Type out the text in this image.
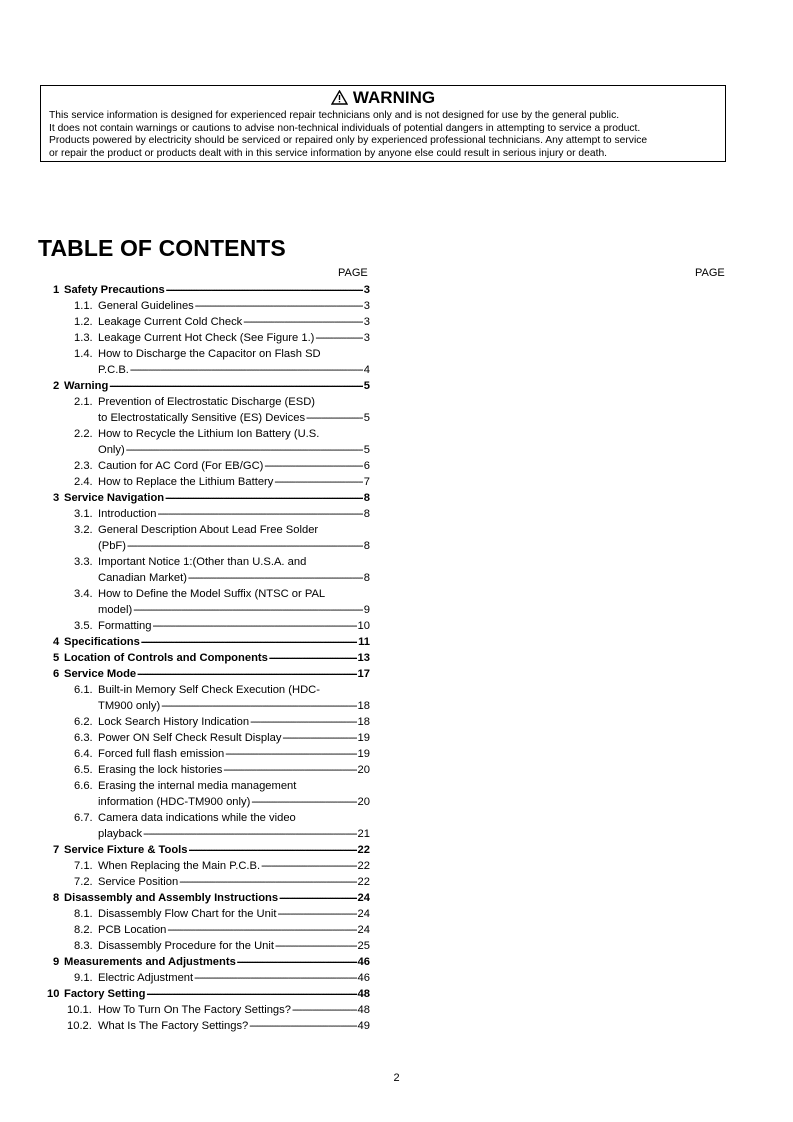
WARNING
This service information is designed for experienced repair technicians only and is not designed for use by the general public.
It does not contain warnings or cautions to advise non-technical individuals of potential dangers in attempting to service a product.
Products powered by electricity should be serviced or repaired only by experienced professional technicians. Any attempt to service
or repair the product or products dealt with in this service information by anyone else could result in serious injury or death.
TABLE OF CONTENTS
PAGE	PAGE
1 Safety Precautions -----	3
1.1. General Guidelines -----	3
1.2. Leakage Current Cold Check -----	3
1.3. Leakage Current Hot Check (See Figure 1.) -----	3
1.4. How to Discharge the Capacitor on Flash SD
P.C.B. -----	4
2 Warning -----	5
2.1. Prevention of Electrostatic Discharge (ESD)
to Electrostatically Sensitive (ES) Devices -----	5
2.2. How to Recycle the Lithium Ion Battery (U.S.
Only) -----	5
2.3. Caution for AC Cord (For EB/GC) -----	6
2.4. How to Replace the Lithium Battery -----	7
3 Service Navigation -----	8
3.1. Introduction -----	8
3.2. General Description About Lead Free Solder
(PbF) -----	8
3.3. Important Notice 1:(Other than U.S.A. and
Canadian Market) -----	8
3.4. How to Define the Model Suffix (NTSC or PAL
model) -----	9
3.5. Formatting -----	10
4 Specifications -----	11
5 Location of Controls and Components -----	13
6 Service Mode -----	17
6.1. Built-in Memory Self Check Execution (HDC-
TM900 only) -----	18
6.2. Lock Search History Indication -----	18
6.3. Power ON Self Check Result Display -----	19
6.4. Forced full flash emission -----	19
6.5. Erasing the lock histories -----	20
6.6. Erasing the internal media management
information (HDC-TM900 only) -----	20
6.7. Camera data indications while the video
playback -----	21
7 Service Fixture & Tools -----	22
7.1. When Replacing the Main P.C.B. -----	22
7.2. Service Position -----	22
8 Disassembly and Assembly Instructions -----	24
8.1. Disassembly Flow Chart for the Unit -----	24
8.2. PCB Location -----	24
8.3. Disassembly Procedure for the Unit -----	25
9 Measurements and Adjustments -----	46
9.1. Electric Adjustment -----	46
10 Factory Setting -----	48
10.1. How To Turn On The Factory Settings? -----	48
10.2. What Is The Factory Settings? -----	49
2
